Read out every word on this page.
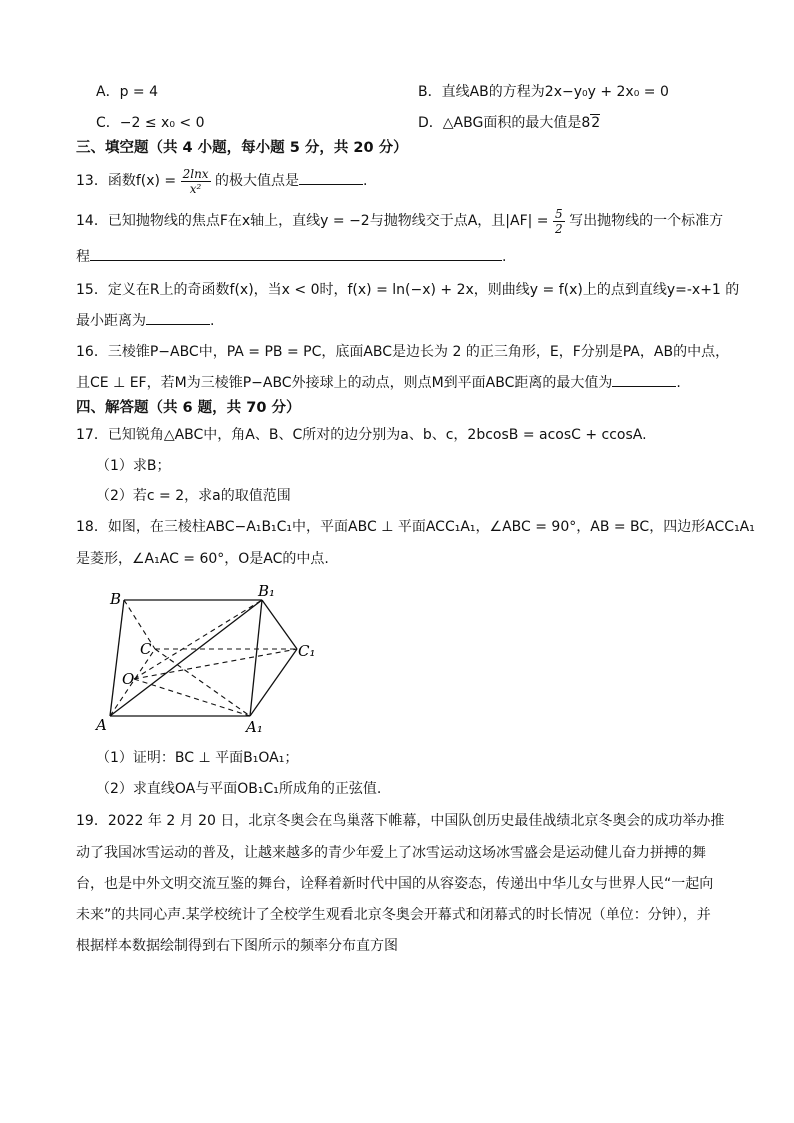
A．p = 4	B．直线AB的方程为2x−y₀y + 2x₀ = 0
C．−2 ≤ x₀ < 0	D．△ABG面积的最大值是82
三、填空题（共 4 小题，每小题 5 分，共 20 分）
13．函数$f(x) = \frac{2\ln x}{\text{x²}}$ 的极大值点是	.
14．已知抛物线的焦点F在x轴上，直线y = −2与抛物线交于点A，且$|AF| = \frac{5}{2}$ 写出抛物线的一个标准方
程	.
15．定义在R上的奇函数f(x)，当x < 0时，f(x) = ln(−x) + 2x，则曲线y = f(x)上的点到直线y=-x+1 的
最小距离为	.
16．三棱锥P−ABC中，PA = PB = PC，底面ABC是边长为 2 的正三角形，E，F分别是PA，AB的中点，
且CE ⊥ EF，若M为三棱锥P−ABC外接球上的动点，则点M到平面ABC距离的最大值为	.
四、解答题（共 6 题，共 70 分）
17．已知锐角△ABC中，角A、B、C所对的边分别为a、b、c，2bcosB = acosC + ccosA.
（1）求B；
（2）若c = 2，求a的取值范围
18．如图，在三棱柱ABC−A₁B₁C₁中，平面ABC ⊥ 平面ACC₁A₁，∠ABC = 90°，AB = BC，四边形ACC₁A₁
是菱形，∠A₁AC = 60°，O是AC的中点.
B	B₁
C	C₁
O
A	A₁
（1）证明：BC ⊥ 平面B₁OA₁；
（2）求直线OA与平面OB₁C₁所成角的正弦值.
19．2022 年 2 月 20 日，北京冬奥会在鸟巢落下帷幕，中国队创历史最佳战绩北京冬奥会的成功举办推
动了我国冰雪运动的普及，让越来越多的青少年爱上了冰雪运动这场冰雪盛会是运动健儿奋力拼搏的舞
台，也是中外文明交流互鉴的舞台，诠释着新时代中国的从容姿态，传递出中华儿女与世界人民“一起向
未来”的共同心声.某学校统计了全校学生观看北京冬奥会开幕式和闭幕式的时长情况（单位：分钟），并
根据样本数据绘制得到右下图所示的频率分布直方图
